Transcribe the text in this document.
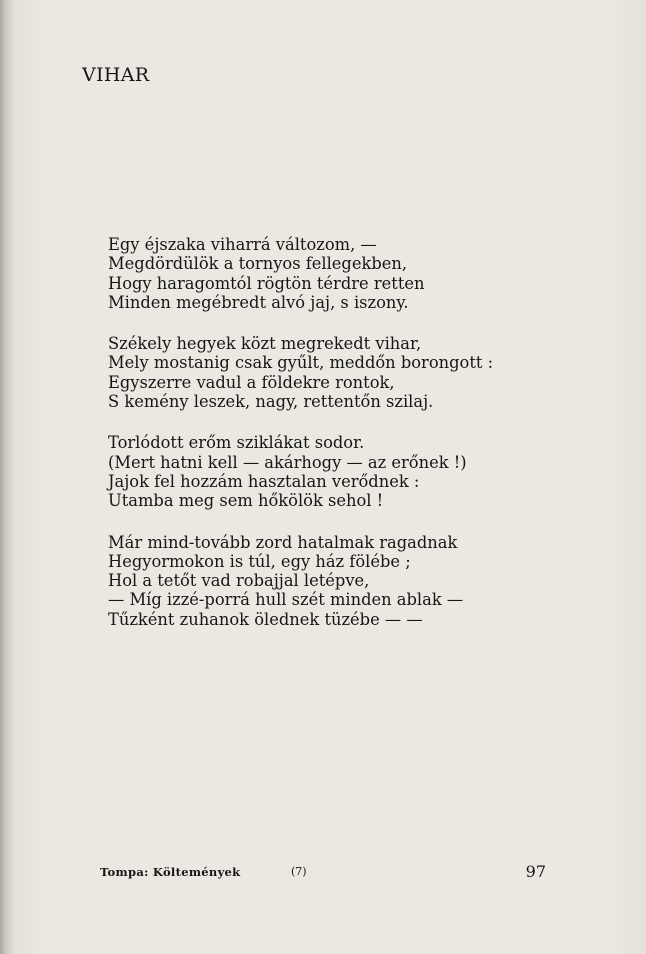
VIHAR
Egy éjszaka viharrá változom, —
Megdördülök a tornyos fellegekben,
Hogy haragomtól rögtön térdre retten
Minden megébredt alvó jaj, s iszony.
Székely hegyek közt megrekedt vihar,
Mely mostanig csak gyűlt, meddőn borongott :
Egyszerre vadul a földekre rontok,
S kemény leszek, nagy, rettentőn szilaj.
Torlódott erőm sziklákat sodor.
(Mert hatni kell — akárhogy — az erőnek !)
Jajok fel hozzám hasztalan verődnek :
Utamba meg sem hőkölök sehol !
Már mind-tovább zord hatalmak ragadnak
Hegyormokon is túl, egy ház fölébe ;
Hol a tetőt vad robajjal letépve,
— Míg izzé-porrá hull szét minden ablak —
Tűzként zuhanok ölednek tüzébe — —
Tompa: Költemények	(7)	97
